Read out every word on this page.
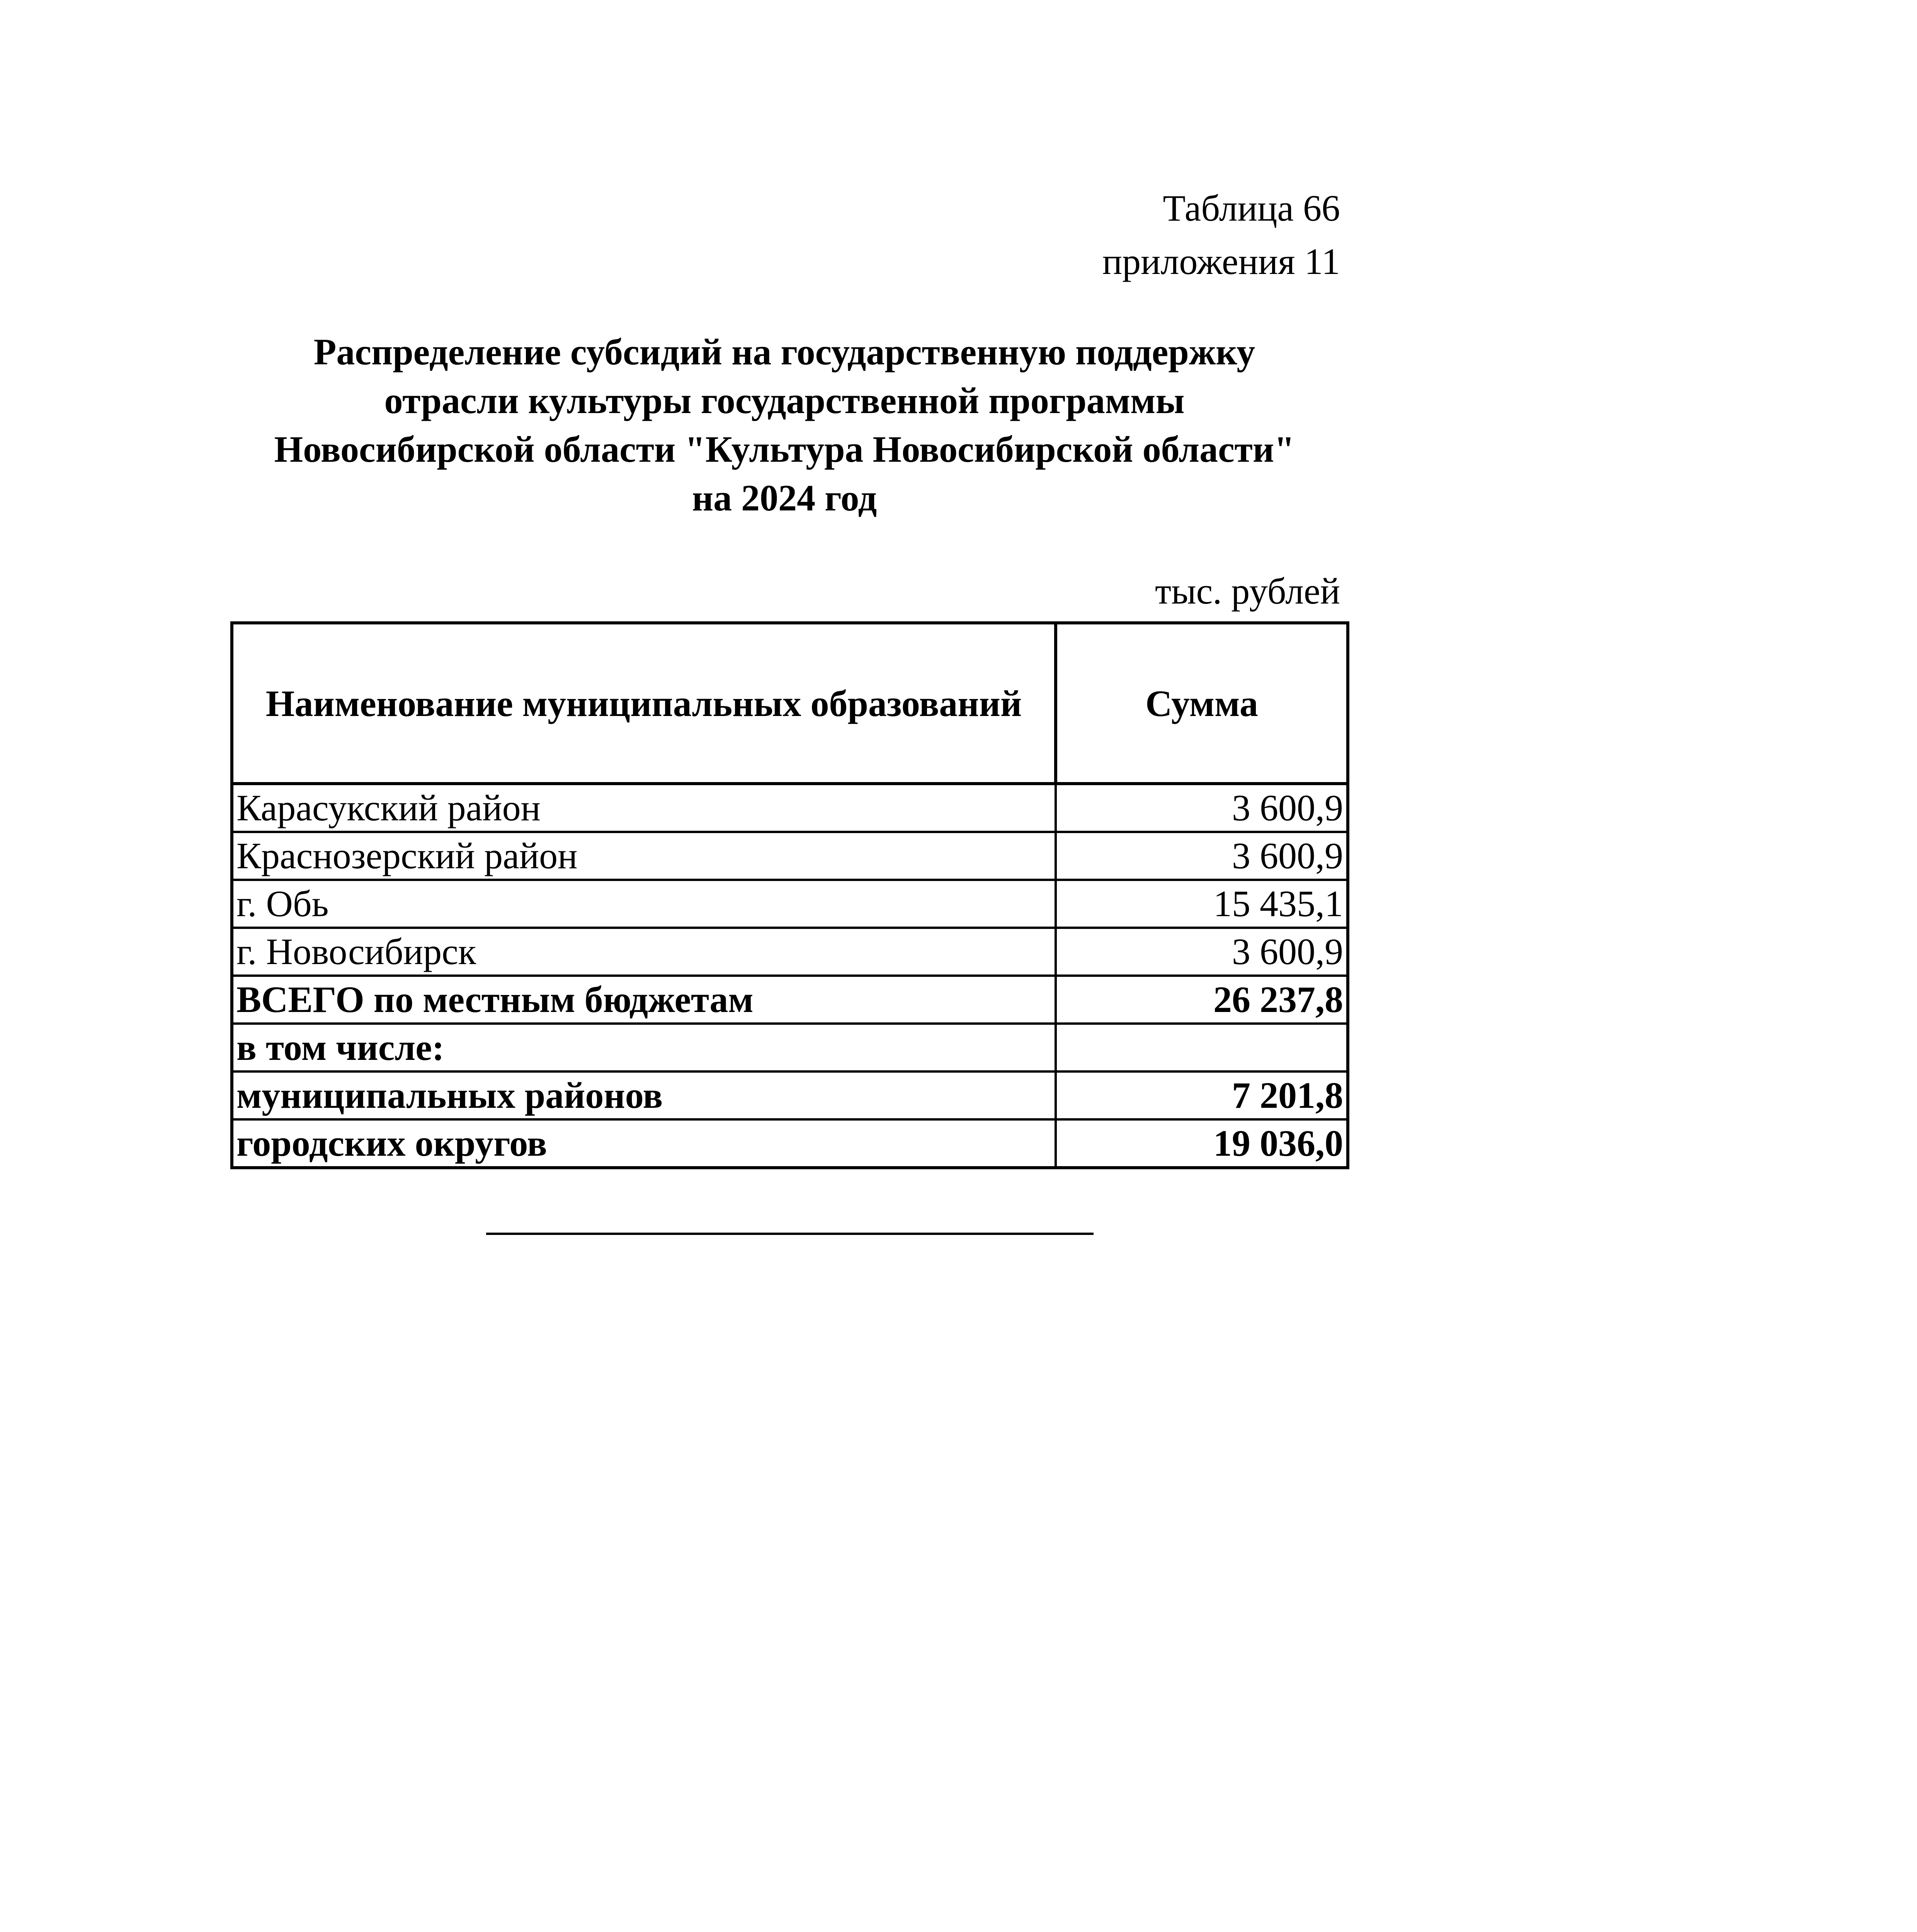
Таблица 66
приложения 11
Распределение субсидий на государственную поддержку
отрасли культуры государственной программы
Новосибирской области "Культура Новосибирской области"
на 2024 год
тыс. рублей
Наименование муниципальных образований	Сумма
Карасукский район	3 600,9
Краснозерский район	3 600,9
г. Обь	15 435,1
г. Новосибирск	3 600,9
ВСЕГО по местным бюджетам	26 237,8
в том числе:	
муниципальных районов	7 201,8
городских округов	19 036,0
